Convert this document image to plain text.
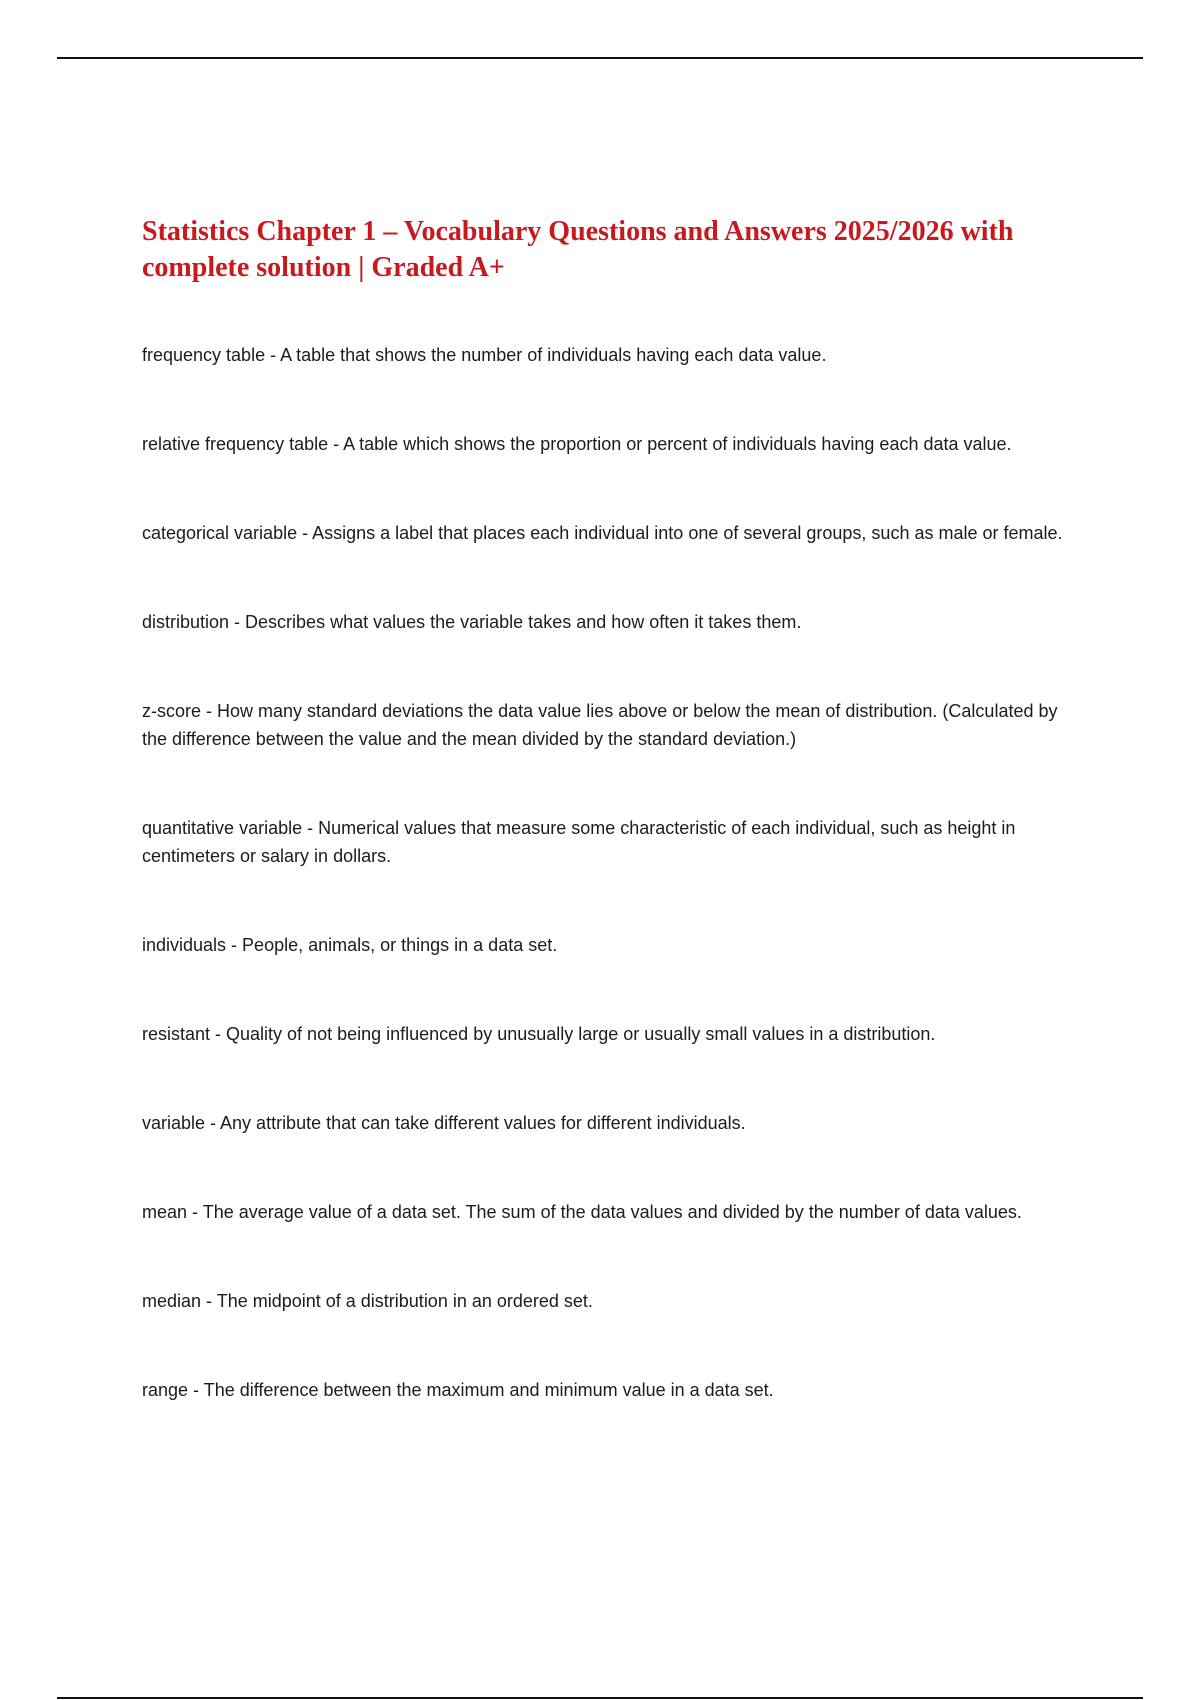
Statistics Chapter 1 – Vocabulary Questions and Answers 2025/2026 with complete solution | Graded A+
frequency table - A table that shows the number of individuals having each data value.
relative frequency table - A table which shows the proportion or percent of individuals having each data value.
categorical variable - Assigns a label that places each individual into one of several groups, such as male or female.
distribution - Describes what values the variable takes and how often it takes them.
z-score - How many standard deviations the data value lies above or below the mean of distribution. (Calculated by the difference between the value and the mean divided by the standard deviation.)
quantitative variable - Numerical values that measure some characteristic of each individual, such as height in centimeters or salary in dollars.
individuals - People, animals, or things in a data set.
resistant - Quality of not being influenced by unusually large or usually small values in a distribution.
variable - Any attribute that can take different values for different individuals.
mean - The average value of a data set. The sum of the data values and divided by the number of data values.
median - The midpoint of a distribution in an ordered set.
range - The difference between the maximum and minimum value in a data set.
